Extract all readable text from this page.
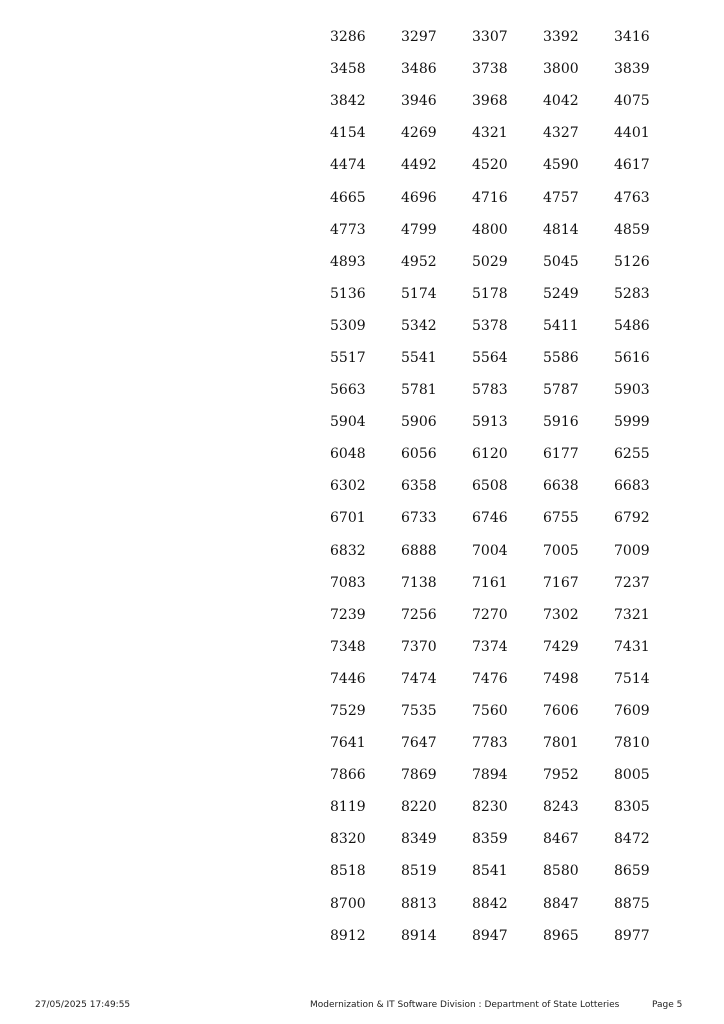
3286	3297	3307	3392	3416
3458	3486	3738	3800	3839
3842	3946	3968	4042	4075
4154	4269	4321	4327	4401
4474	4492	4520	4590	4617
4665	4696	4716	4757	4763
4773	4799	4800	4814	4859
4893	4952	5029	5045	5126
5136	5174	5178	5249	5283
5309	5342	5378	5411	5486
5517	5541	5564	5586	5616
5663	5781	5783	5787	5903
5904	5906	5913	5916	5999
6048	6056	6120	6177	6255
6302	6358	6508	6638	6683
6701	6733	6746	6755	6792
6832	6888	7004	7005	7009
7083	7138	7161	7167	7237
7239	7256	7270	7302	7321
7348	7370	7374	7429	7431
7446	7474	7476	7498	7514
7529	7535	7560	7606	7609
7641	7647	7783	7801	7810
7866	7869	7894	7952	8005
8119	8220	8230	8243	8305
8320	8349	8359	8467	8472
8518	8519	8541	8580	8659
8700	8813	8842	8847	8875
8912	8914	8947	8965	8977
27/05/2025 17:49:55	Modernization & IT Software Division : Department of State Lotteries	Page 5
